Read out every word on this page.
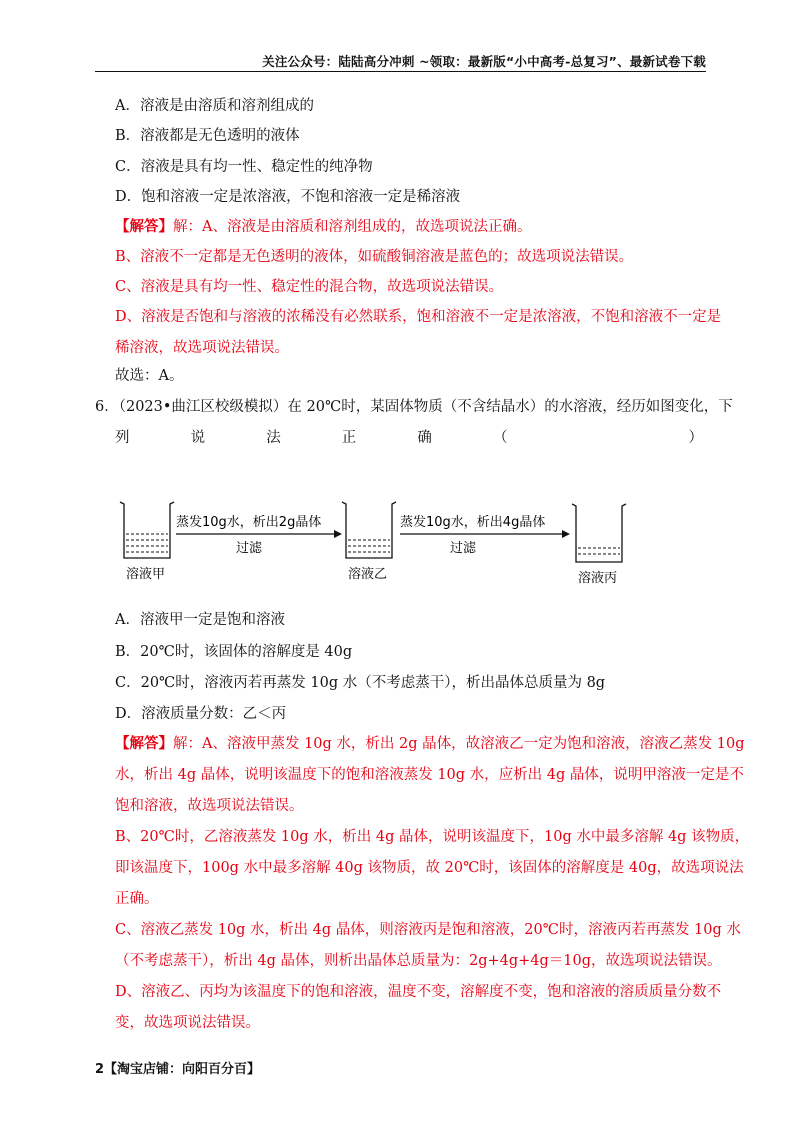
关注公众号：陆陆高分冲刺 ~领取：最新版“小中高考-总复习”、最新试卷下载
A．溶液是由溶质和溶剂组成的
B．溶液都是无色透明的液体
C．溶液是具有均一性、稳定性的纯净物
D．饱和溶液一定是浓溶液，不饱和溶液一定是稀溶液
【解答】解：A、溶液是由溶质和溶剂组成的，故选项说法正确。
B、溶液不一定都是无色透明的液体，如硫酸铜溶液是蓝色的；故选项说法错误。
C、溶液是具有均一性、稳定性的混合物，故选项说法错误。
D、溶液是否饱和与溶液的浓稀没有必然联系，饱和溶液不一定是浓溶液，不饱和溶液不一定是
稀溶液，故选项说法错误。
故选：A。
6．（2023•曲江区校级模拟）在 20℃时，某固体物质（不含结晶水）的水溶液，经历如图变化，下
列	说	法	正	确	（	）
溶液甲
蒸发10g水，析出2g晶体
过滤
溶液乙
蒸发10g水，析出4g晶体
过滤
溶液丙
A．溶液甲一定是饱和溶液
B．20℃时，该固体的溶解度是 40g
C．20℃时，溶液丙若再蒸发 10g 水（不考虑蒸干），析出晶体总质量为 8g
D．溶液质量分数：乙＜丙
【解答】解：A、溶液甲蒸发 10g 水，析出 2g 晶体，故溶液乙一定为饱和溶液，溶液乙蒸发 10g
水，析出 4g 晶体，说明该温度下的饱和溶液蒸发 10g 水，应析出 4g 晶体，说明甲溶液一定是不
饱和溶液，故选项说法错误。
B、20℃时，乙溶液蒸发 10g 水，析出 4g 晶体，说明该温度下，10g 水中最多溶解 4g 该物质，
即该温度下，100g 水中最多溶解 40g 该物质，故 20℃时，该固体的溶解度是 40g，故选项说法
正确。
C、溶液乙蒸发 10g 水，析出 4g 晶体，则溶液丙是饱和溶液，20℃时，溶液丙若再蒸发 10g 水
（不考虑蒸干），析出 4g 晶体，则析出晶体总质量为：2g+4g+4g＝10g，故选项说法错误。
D、溶液乙、丙均为该温度下的饱和溶液，温度不变，溶解度不变，饱和溶液的溶质质量分数不
变，故选项说法错误。
2【淘宝店铺：向阳百分百】
